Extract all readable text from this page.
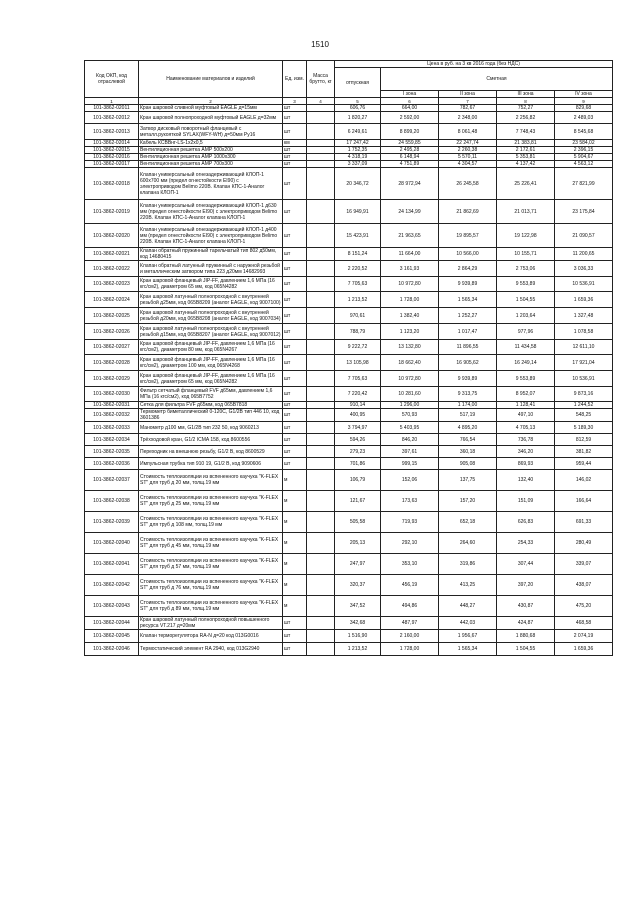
1510
Код ОКП, код отраслевой	Наименование материалов и изделий	Ед. изм.	Масса брутто, кг	Цена в руб. на 3 кв 2016 года (без НДС)				
				отпускная	Сметная			
					I зона	II зона	III зона	IV зона
1	2	3	4	5	6	7	8	9
101-3862-02011	Кран шаровой сливной муфтовый EAGLE д=15мм	шт		606,76	664,00	782,67	752,27	829,68
101-3862-02012	Кран шаровой полнопроходной муфтовый EAGLE д=32мм	шт		1 820,27	2 592,00	2 348,00	2 256,82	2 489,03
101-3862-02013	Затвор дисковый поворотный фланцевый с металл.рукояткой SYLAX(WFY-WH) д=50мм Ру16	шт		6 249,61	8 899,20	8 061,48	7 748,43	8 545,68
101-3862-02014	Кабель КСВВнг-LS-1х2х0,5	км		17 247,42	24 559,85	22 247,74	21 383,81	23 584,02
101-3862-02015	Вентиляционная решетка АМР 500х200	шт		1 752,35	2 495,28	2 260,38	2 172,61	2 396,15
101-3862-02016	Вентиляционная решетка АМР 1000х300	шт		4 318,19	6 148,94	5 570,11	5 353,81	5 904,67
101-3862-02017	Вентиляционная решетка АМР 700х300	шт		3 337,09	4 751,89	4 304,57	4 137,42	4 563,12
101-3862-02018	Клапан универсальный огнезадерживающий КЛОП-1 600х700 мм (предел огнестойкости EI90) с электроприводом Belimo 220В. Клапан КПС-1-Аналог клапана КЛОП-1	шт		20 346,72	28 972,94	26 245,58	25 226,41	27 821,99
101-3862-02019	Клапан универсальный огнезадерживающий КЛОП-1 д630 мм (предел огнестойкости EI90) с электроприводом Belimo 220В. Клапан КПС-1-Аналог клапана КЛОП-1	шт		16 949,91	24 134,99	21 862,69	21 013,71	23 175,84
101-3862-02020	Клапан универсальный огнезадерживающий КЛОП-1 д400 мм (предел огнестойкости EI90) с электроприводом Belimo 220В. Клапан КПС-1-Аналог клапана КЛОП-1	шт		15 423,91	21 963,65	19 895,57	19 122,98	21 090,57
101-3862-02021	Клапан обратный пружинный тарельчатый тип 802 д50мм, код 14680415	шт		8 151,24	11 664,00	10 566,00	10 155,71	11 200,65
101-3862-02022	Клапан обратный латунный пружинный с наружной резьбой и металлическим затвором типа 223 д20мм 14682993	шт		2 220,52	3 161,93	2 864,29	2 753,06	3 036,33
101-3862-02023	Кран шаровой фланцевый JIP-FF, давлением 1,6 МПа (16 кгс/см2), диаметром 65 мм, код 065N4282	шт		7 705,63	10 972,80	9 939,89	9 553,89	10 536,91
101-3862-02024	Кран шаровой латунный полнопроходной с внутренней резьбой д25мм, код 065B8209 (аналог EAGLE, код 9007100)	шт		1 213,52	1 728,00	1 565,34	1 504,55	1 659,36
101-3862-02025	Кран шаровой латунный полнопроходной с внутренней резьбой д20мм, код 065B8208 (аналог EAGLE, код 9007034)	шт		970,61	1 382,40	1 252,27	1 203,64	1 327,48
101-3862-02026	Кран шаровой латунный полнопроходной с внутренней резьбой д15мм, код 065B8207 (аналог EAGLE, код 9007012)	шт		788,79	1 123,20	1 017,47	977,96	1 078,58
101-3862-02027	Кран шаровой фланцевый JIP-FF, давлением 1,6 МПа (16 кгс/см2), диаметром 80 мм, код 065N4267	шт		9 222,72	13 132,80	11 896,55	11 434,58	12 611,10
101-3862-02028	Кран шаровой фланцевый JIP-FF, давлением 1,6 МПа (16 кгс/см2), диаметром 100 мм, код 065N4268	шт		13 105,98	18 662,40	16 905,62	16 249,14	17 921,04
101-3862-02029	Кран шаровой фланцевый JIP-FF, давлением 1,6 МПа (16 кгс/см2), диаметром 65 мм, код 065N4282	шт		7 705,63	10 972,80	9 939,89	9 553,89	10 536,91
101-3862-02030	Фильтр сетчатый фланцевый FVF д65мм, давлением 1,6 МПа (16 кгс/см2), код 065B7752	шт		7 220,42	10 281,60	9 313,75	8 952,07	9 873,16
101-3862-02031	Сетка для фильтра FVF д65мм, код 065B7818	шт		910,14	1 296,00	1 174,00	1 128,41	1 244,52
101-3862-02032	Термометр биметаллический 0-120С, G1/2В тип 446 10, код 3601386	шт		400,95	570,93	517,19	497,10	548,25
101-3862-02033	Манометр д100 мм, G1/2В тип 232 50, код 9060213	шт		3 794,97	5 403,95	4 895,20	4 705,13	5 189,30
101-3862-02034	Трёхходовой кран, G1/2 ICMA 158, код 8600556	шт		594,26	846,20	766,54	736,78	812,59
101-3862-02035	Переходник на внешнюю резьбу, G1/2 В, код 8600529	шт		279,23	397,61	360,18	346,20	381,82
101-3862-02036	Импульсная трубка тип 910 19, G1/2 В, код 9090606	шт		701,86	999,15	905,08	869,93	959,44
101-3862-02037	Стоимость теплоизоляции из вспененного каучука "K-FLEX ST" для труб д 20 мм, толщ.19 мм	м		106,79	152,06	137,75	132,40	146,02
101-3862-02038	Стоимость теплоизоляции из вспененного каучука "K-FLEX ST" для труб д 25 мм, толщ.19 мм	м		121,67	173,63	157,20	151,09	166,64
101-3862-02039	Стоимость теплоизоляции из вспененного каучука "K-FLEX ST" для труб д 108 мм, толщ.19 мм	м		505,58	719,93	652,18	626,83	691,33
101-3862-02040	Стоимость теплоизоляции из вспененного каучука "K-FLEX ST" для труб д 45 мм, толщ.19 мм	м		205,13	292,10	264,60	254,33	280,49
101-3862-02041	Стоимость теплоизоляции из вспененного каучука "K-FLEX ST" для труб д 57 мм, толщ.19 мм	м		247,97	353,10	319,86	307,44	339,07
101-3862-02042	Стоимость теплоизоляции из вспененного каучука "K-FLEX ST" для труб д 76 мм, толщ.19 мм	м		320,37	456,19	413,25	397,20	438,07
101-3862-02043	Стоимость теплоизоляции из вспененного каучука "K-FLEX ST" для труб д 89 мм, толщ.19 мм	м		347,52	494,86	448,27	430,87	475,20
101-3862-02044	Кран шаровой латунный полнопроходной повышенного ресурса VT.217 д=20мм	шт		342,68	487,97	442,03	424,87	468,58
101-3862-02045	Клапан терморегулятора RA-N д=20 код 013G0016	шт		1 516,90	2 160,00	1 956,67	1 880,68	2 074,19
101-3862-02046	Термостатический элемент RA 2940, код 013G2940	шт		1 213,52	1 728,00	1 565,34	1 504,55	1 659,36
